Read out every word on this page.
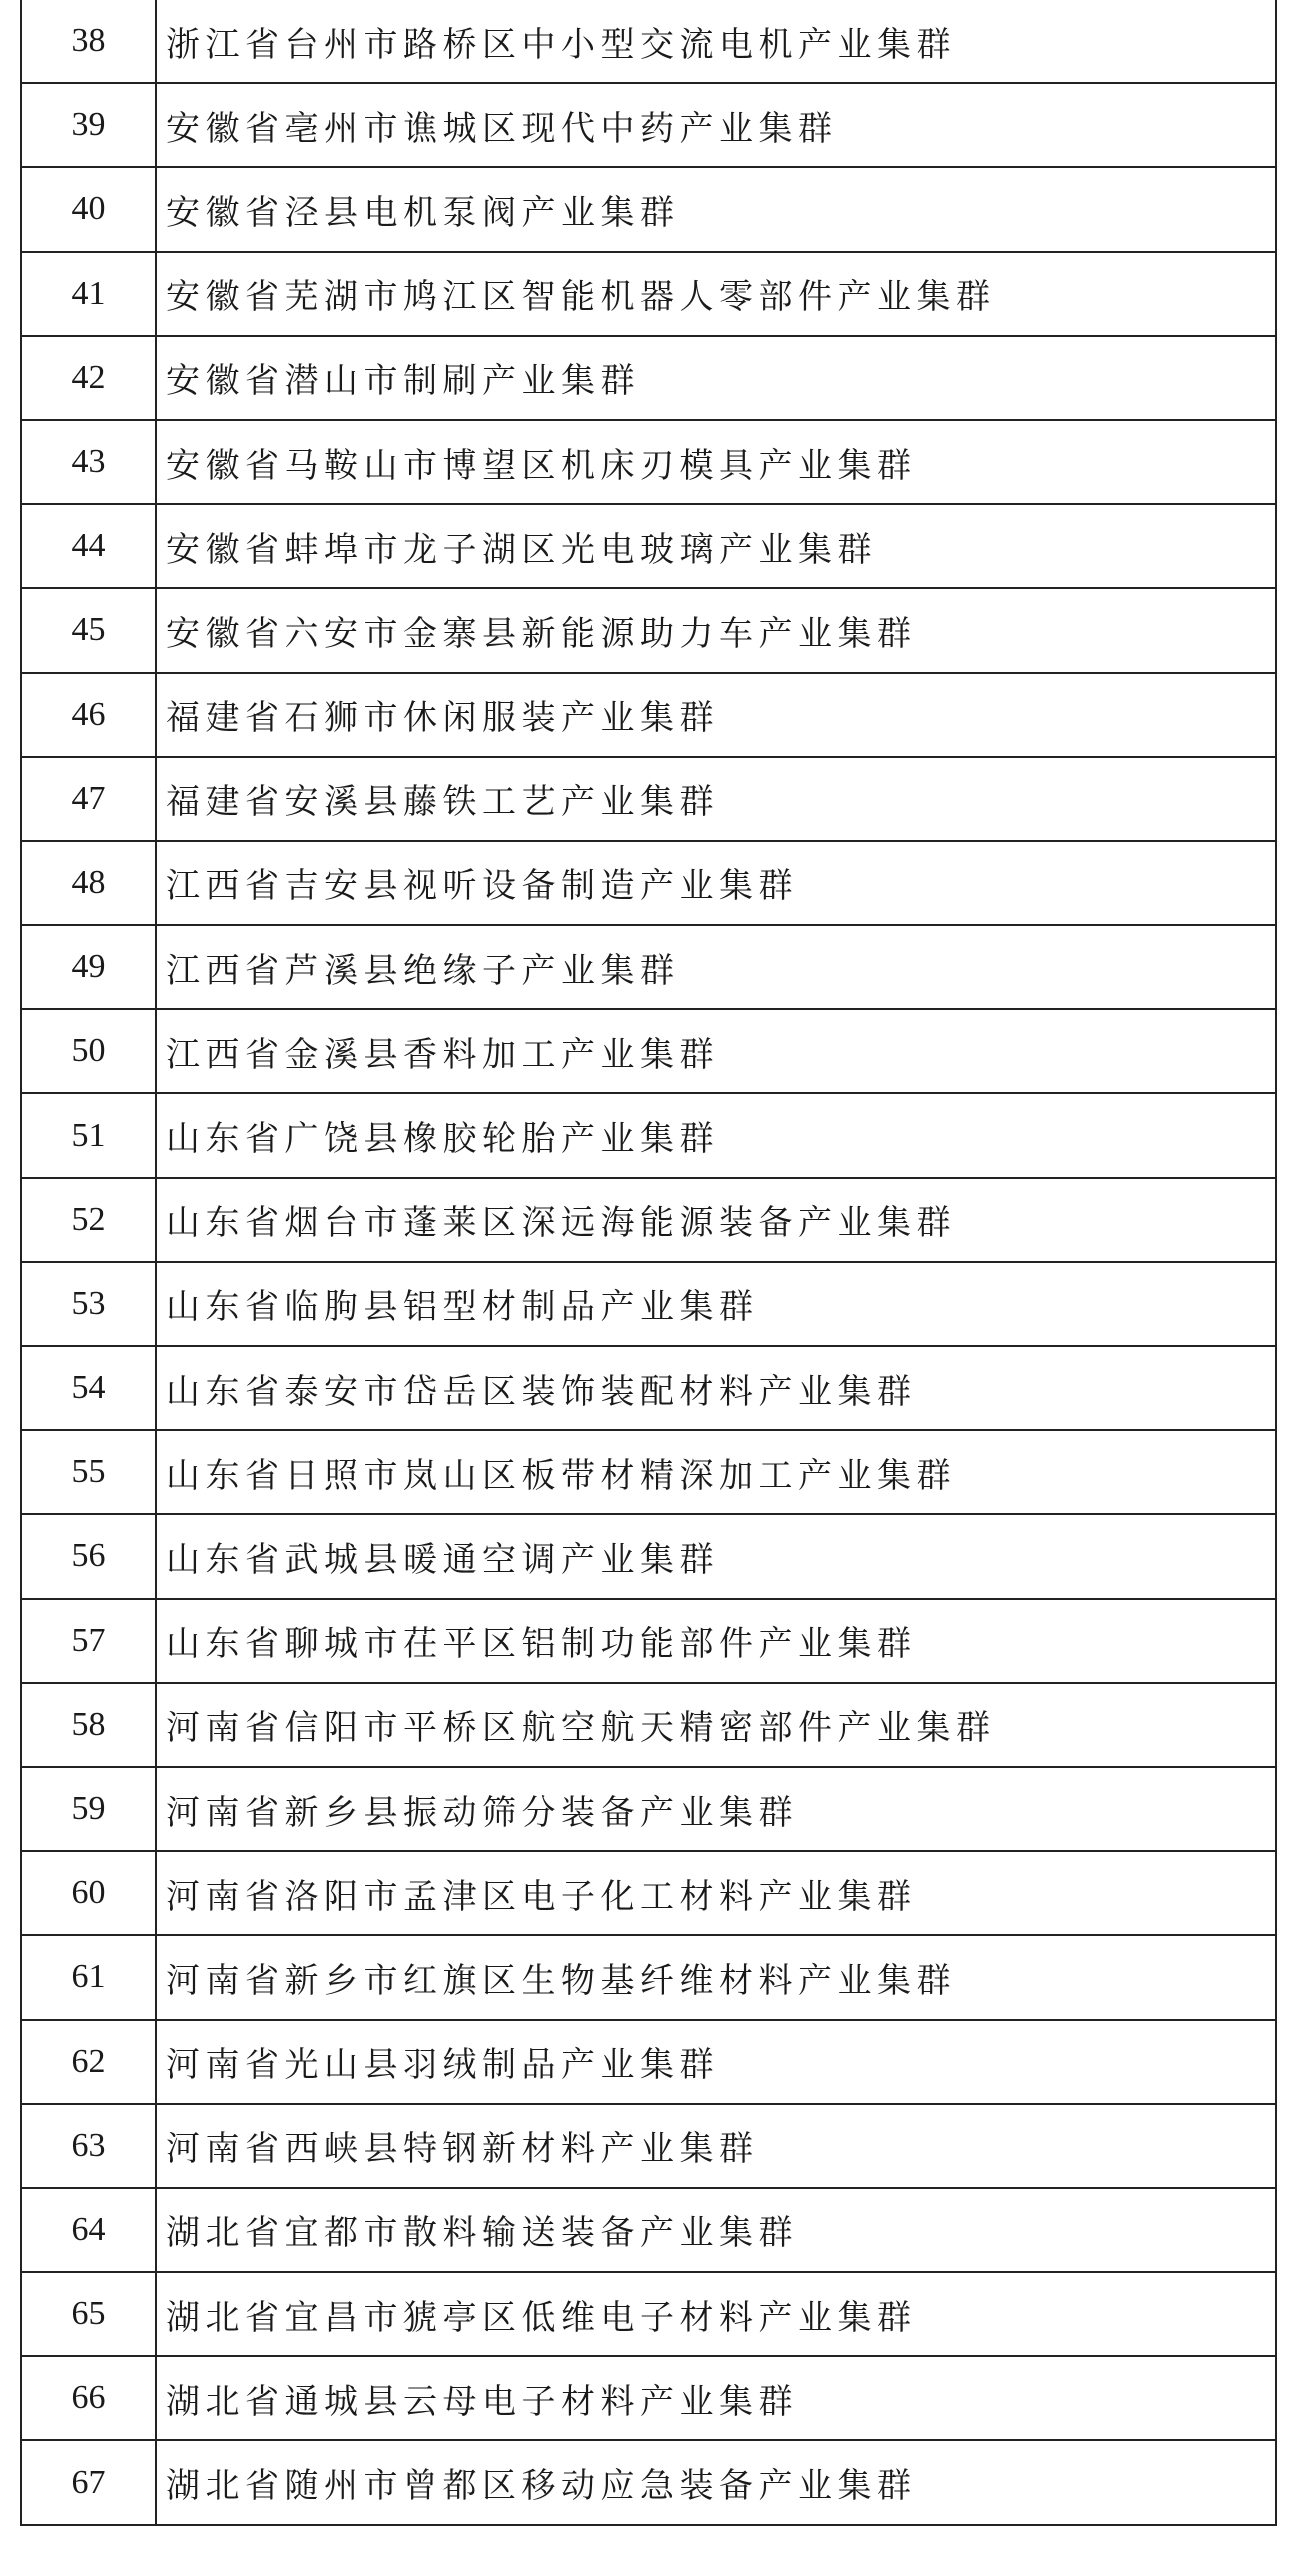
38	浙江省台州市路桥区中小型交流电机产业集群
39	安徽省亳州市谯城区现代中药产业集群
40	安徽省泾县电机泵阀产业集群
41	安徽省芜湖市鸠江区智能机器人零部件产业集群
42	安徽省潜山市制刷产业集群
43	安徽省马鞍山市博望区机床刃模具产业集群
44	安徽省蚌埠市龙子湖区光电玻璃产业集群
45	安徽省六安市金寨县新能源助力车产业集群
46	福建省石狮市休闲服装产业集群
47	福建省安溪县藤铁工艺产业集群
48	江西省吉安县视听设备制造产业集群
49	江西省芦溪县绝缘子产业集群
50	江西省金溪县香料加工产业集群
51	山东省广饶县橡胶轮胎产业集群
52	山东省烟台市蓬莱区深远海能源装备产业集群
53	山东省临朐县铝型材制品产业集群
54	山东省泰安市岱岳区装饰装配材料产业集群
55	山东省日照市岚山区板带材精深加工产业集群
56	山东省武城县暖通空调产业集群
57	山东省聊城市茌平区铝制功能部件产业集群
58	河南省信阳市平桥区航空航天精密部件产业集群
59	河南省新乡县振动筛分装备产业集群
60	河南省洛阳市孟津区电子化工材料产业集群
61	河南省新乡市红旗区生物基纤维材料产业集群
62	河南省光山县羽绒制品产业集群
63	河南省西峡县特钢新材料产业集群
64	湖北省宜都市散料输送装备产业集群
65	湖北省宜昌市猇亭区低维电子材料产业集群
66	湖北省通城县云母电子材料产业集群
67	湖北省随州市曾都区移动应急装备产业集群
